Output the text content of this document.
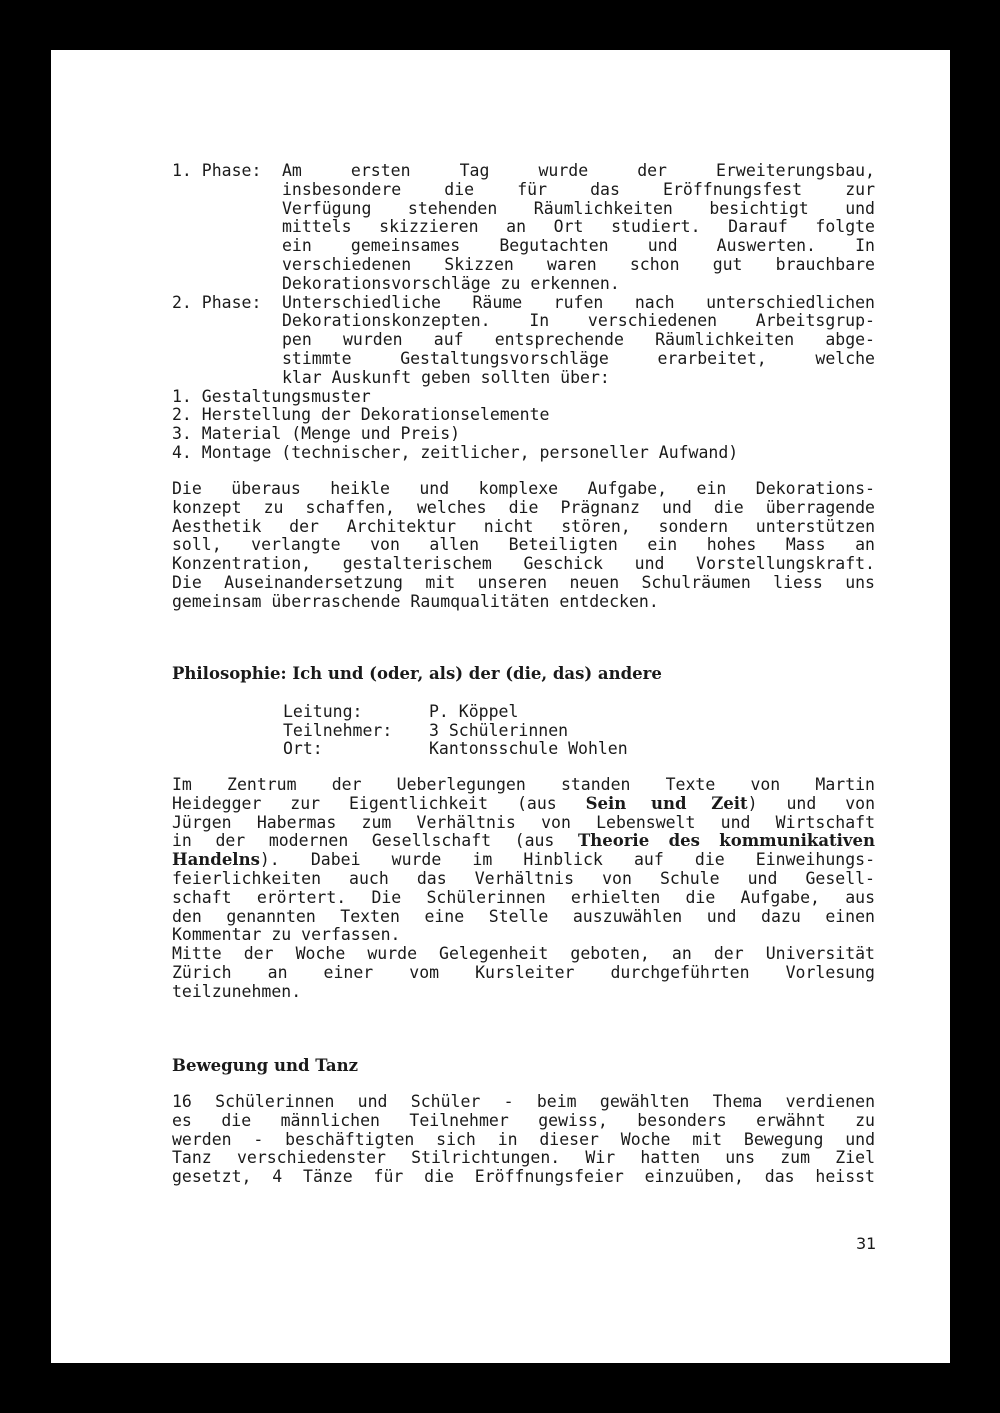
1. Phase:	Am ersten Tag wurde der Erweiterungsbau,
insbesondere die für das Eröffnungsfest zur
Verfügung stehenden Räumlichkeiten besichtigt und
mittels skizzieren an Ort studiert. Darauf folgte
ein gemeinsames Begutachten und Auswerten. In
verschiedenen Skizzen waren schon gut brauchbare
Dekorationsvorschläge zu erkennen.
2. Phase:	Unterschiedliche Räume rufen nach unterschiedlichen
Dekorationskonzepten. In verschiedenen Arbeitsgrup-
pen wurden auf entsprechende Räumlichkeiten abge-
stimmte Gestaltungsvorschläge erarbeitet, welche
klar Auskunft geben sollten über:
1. Gestaltungsmuster
2. Herstellung der Dekorationselemente
3. Material (Menge und Preis)
4. Montage (technischer, zeitlicher, personeller Aufwand)
Die überaus heikle und komplexe Aufgabe, ein Dekorations-
konzept zu schaffen, welches die Prägnanz und die überragende
Aesthetik der Architektur nicht stören, sondern unterstützen
soll, verlangte von allen Beteiligten ein hohes Mass an
Konzentration, gestalterischem Geschick und Vorstellungskraft.
Die Auseinandersetzung mit unseren neuen Schulräumen liess uns
gemeinsam überraschende Raumqualitäten entdecken.
Philosophie: Ich und (oder, als) der (die, das) andere
Leitung:	P. Köppel
Teilnehmer:	3 Schülerinnen
Ort:	Kantonsschule Wohlen
Im Zentrum der Ueberlegungen standen Texte von Martin
Heidegger zur Eigentlichkeit (aus Sein und Zeit) und von
Jürgen Habermas zum Verhältnis von Lebenswelt und Wirtschaft
in der modernen Gesellschaft (aus Theorie des kommunikativen
Handelns). Dabei wurde im Hinblick auf die Einweihungs-
feierlichkeiten auch das Verhältnis von Schule und Gesell-
schaft erörtert. Die Schülerinnen erhielten die Aufgabe, aus
den genannten Texten eine Stelle auszuwählen und dazu einen
Kommentar zu verfassen.
Mitte der Woche wurde Gelegenheit geboten, an der Universität
Zürich an einer vom Kursleiter durchgeführten Vorlesung
teilzunehmen.
Bewegung und Tanz
16 Schülerinnen und Schüler - beim gewählten Thema verdienen
es die männlichen Teilnehmer gewiss, besonders erwähnt zu
werden - beschäftigten sich in dieser Woche mit Bewegung und
Tanz verschiedenster Stilrichtungen. Wir hatten uns zum Ziel
gesetzt, 4 Tänze für die Eröffnungsfeier einzuüben, das heisst
31
